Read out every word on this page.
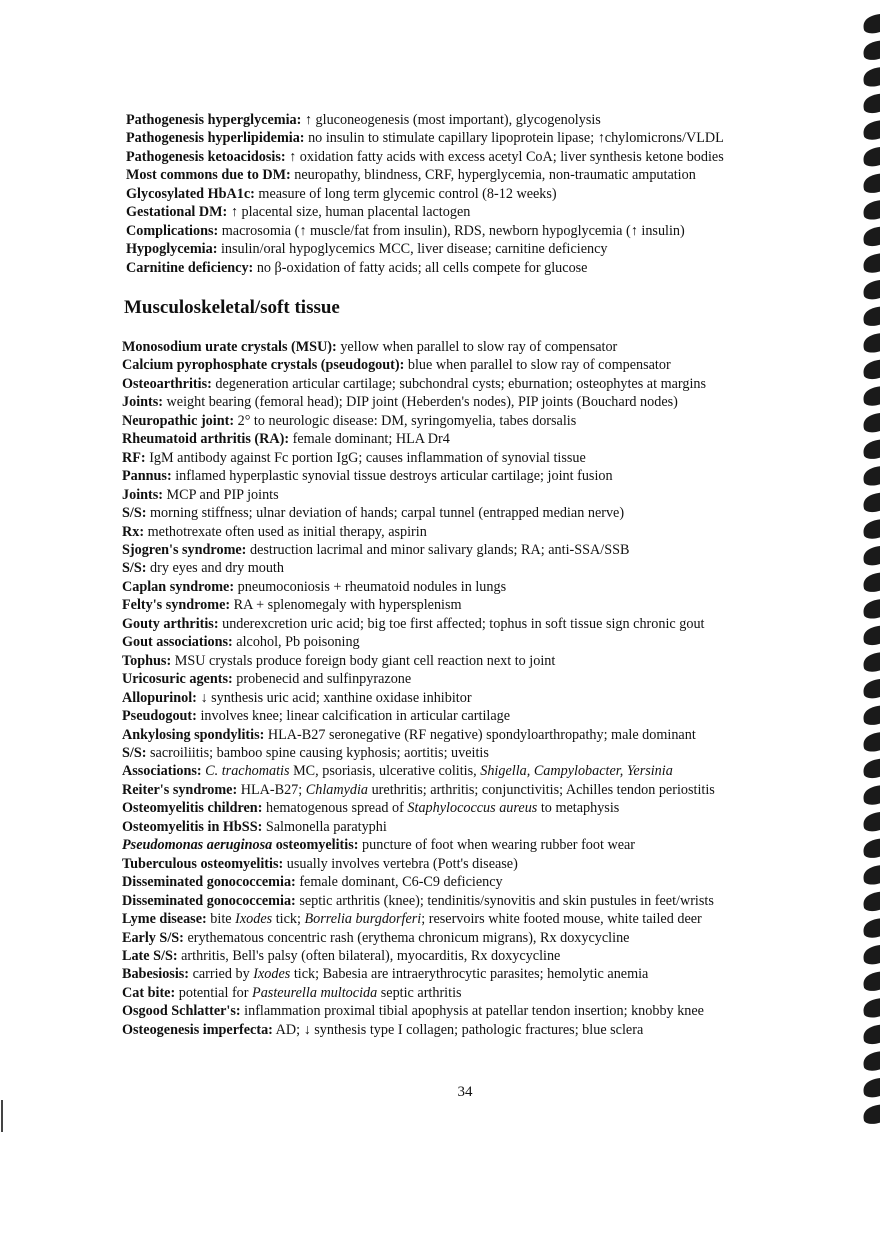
Pathogenesis hyperglycemia: ↑ gluconeogenesis (most important), glycogenolysis
Pathogenesis hyperlipidemia: no insulin to stimulate capillary lipoprotein lipase; ↑chylomicrons/VLDL
Pathogenesis ketoacidosis: ↑ oxidation fatty acids with excess acetyl CoA; liver synthesis ketone bodies
Most commons due to DM: neuropathy, blindness, CRF, hyperglycemia, non-traumatic amputation
Glycosylated HbA1c: measure of long term glycemic control (8-12 weeks)
Gestational DM: ↑ placental size, human placental lactogen
Complications: macrosomia (↑ muscle/fat from insulin), RDS, newborn hypoglycemia (↑ insulin)
Hypoglycemia: insulin/oral hypoglycemics MCC, liver disease; carnitine deficiency
Carnitine deficiency: no β-oxidation of fatty acids; all cells compete for glucose
Musculoskeletal/soft tissue
Monosodium urate crystals (MSU): yellow when parallel to slow ray of compensator
Calcium pyrophosphate crystals (pseudogout): blue when parallel to slow ray of compensator
Osteoarthritis: degeneration articular cartilage; subchondral cysts; eburnation; osteophytes at margins
Joints: weight bearing (femoral head); DIP joint (Heberden's nodes), PIP joints (Bouchard nodes)
Neuropathic joint: 2° to neurologic disease: DM, syringomyelia, tabes dorsalis
Rheumatoid arthritis (RA): female dominant; HLA Dr4
RF: IgM antibody against Fc portion IgG; causes inflammation of synovial tissue
Pannus: inflamed hyperplastic synovial tissue destroys articular cartilage; joint fusion
Joints: MCP and PIP joints
S/S: morning stiffness; ulnar deviation of hands; carpal tunnel (entrapped median nerve)
Rx: methotrexate often used as initial therapy, aspirin
Sjogren's syndrome: destruction lacrimal and minor salivary glands; RA; anti-SSA/SSB
S/S: dry eyes and dry mouth
Caplan syndrome: pneumoconiosis + rheumatoid nodules in lungs
Felty's syndrome: RA + splenomegaly with hypersplenism
Gouty arthritis: underexcretion uric acid; big toe first affected; tophus in soft tissue sign chronic gout
Gout associations: alcohol, Pb poisoning
Tophus: MSU crystals produce foreign body giant cell reaction next to joint
Uricosuric agents: probenecid and sulfinpyrazone
Allopurinol: ↓ synthesis uric acid; xanthine oxidase inhibitor
Pseudogout: involves knee; linear calcification in articular cartilage
Ankylosing spondylitis: HLA-B27 seronegative (RF negative) spondyloarthropathy; male dominant
S/S: sacroiliitis; bamboo spine causing kyphosis; aortitis; uveitis
Associations: C. trachomatis MC, psoriasis, ulcerative colitis, Shigella, Campylobacter, Yersinia
Reiter's syndrome: HLA-B27; Chlamydia urethritis; arthritis; conjunctivitis; Achilles tendon periostitis
Osteomyelitis children: hematogenous spread of Staphylococcus aureus to metaphysis
Osteomyelitis in HbSS: Salmonella paratyphi
Pseudomonas aeruginosa osteomyelitis: puncture of foot when wearing rubber foot wear
Tuberculous osteomyelitis: usually involves vertebra (Pott's disease)
Disseminated gonococcemia: female dominant, C6-C9 deficiency
Disseminated gonococcemia: septic arthritis (knee); tendinitis/synovitis and skin pustules in feet/wrists
Lyme disease: bite Ixodes tick; Borrelia burgdorferi; reservoirs white footed mouse, white tailed deer
Early S/S: erythematous concentric rash (erythema chronicum migrans), Rx doxycycline
Late S/S: arthritis, Bell's palsy (often bilateral), myocarditis, Rx doxycycline
Babesiosis: carried by Ixodes tick; Babesia are intraerythrocytic parasites; hemolytic anemia
Cat bite: potential for Pasteurella multocida septic arthritis
Osgood Schlatter's: inflammation proximal tibial apophysis at patellar tendon insertion; knobby knee
Osteogenesis imperfecta: AD; ↓ synthesis type I collagen; pathologic fractures; blue sclera
34
